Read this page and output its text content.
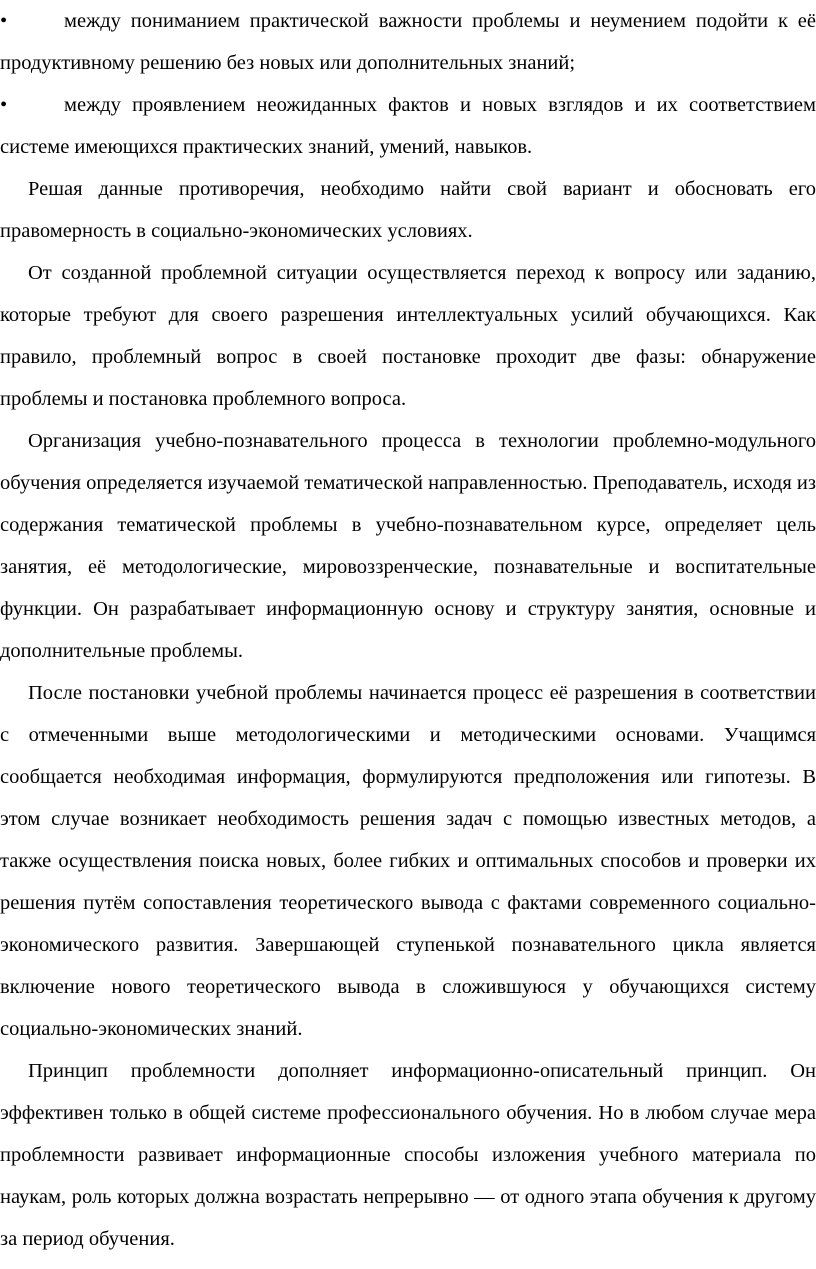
•	между пониманием практической важности проблемы и неумением подойти к её продуктивному решению без новых или дополнительных знаний;

•	между проявлением неожиданных фактов и новых взглядов и их соответствием системе имеющихся практических знаний, умений, навыков.

Решая данные противоречия, необходимо найти свой вариант и обосновать его правомерность в социально-экономических условиях.

От созданной проблемной ситуации осуществляется переход к вопросу или заданию, которые требуют для своего разрешения интеллектуальных усилий обучающихся. Как правило, проблемный вопрос в своей постановке проходит две фазы: обнаружение проблемы и постановка проблемного вопроса.

Организация учебно-познавательного процесса в технологии проблемно-модульного обучения определяется изучаемой тематической направленностью. Преподаватель, исходя из содержания тематической проблемы в учебно-познавательном курсе, определяет цель занятия, её методологические, мировоззренческие, познавательные и воспитательные функции. Он разрабатывает информационную основу и структуру занятия, основные и дополнительные проблемы.

После постановки учебной проблемы начинается процесс её разрешения в соответствии с отмеченными выше методологическими и методическими основами. Учащимся сообщается необходимая информация, формулируются предположения или гипотезы. В этом случае возникает необходимость решения задач с помощью известных методов, а также осуществления поиска новых, более гибких и оптимальных способов и проверки их решения путём сопоставления теоретического вывода с фактами современного социально-экономического развития. Завершающей ступенькой познавательного цикла является включение нового теоретического вывода в сложившуюся у обучающихся систему социально-экономических знаний.

Принцип проблемности дополняет информационно-описательный принцип. Он эффективен только в общей системе профессионального обучения. Но в любом случае мера проблемности развивает информационные способы изложения учебного материала по наукам, роль которых должна возрастать непрерывно — от одного этапа обучения к другому за период обучения.
